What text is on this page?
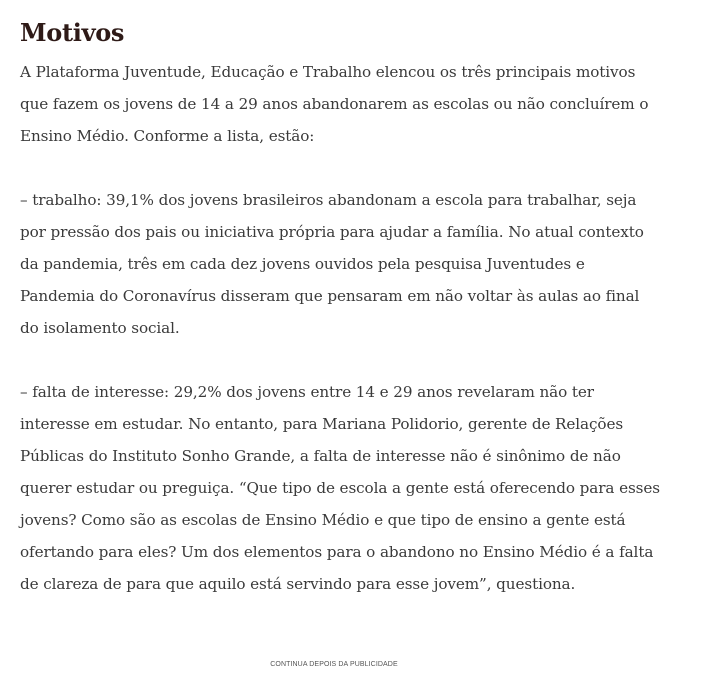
Motivos

A Plataforma Juventude, Educação e Trabalho elencou os três principais motivos que fazem os jovens de 14 a 29 anos abandonarem as escolas ou não concluírem o Ensino Médio. Conforme a lista, estão:

– trabalho: 39,1% dos jovens brasileiros abandonam a escola para trabalhar, seja por pressão dos pais ou iniciativa própria para ajudar a família. No atual contexto da pandemia, três em cada dez jovens ouvidos pela pesquisa Juventudes e Pandemia do Coronavírus disseram que pensaram em não voltar às aulas ao final do isolamento social.

– falta de interesse: 29,2% dos jovens entre 14 e 29 anos revelaram não ter interesse em estudar. No entanto, para Mariana Polidorio, gerente de Relações Públicas do Instituto Sonho Grande, a falta de interesse não é sinônimo de não querer estudar ou preguiça. “Que tipo de escola a gente está oferecendo para esses jovens? Como são as escolas de Ensino Médio e que tipo de ensino a gente está ofertando para eles? Um dos elementos para o abandono no Ensino Médio é a falta de clareza de para que aquilo está servindo para esse jovem”, questiona.

CONTINUA DEPOIS DA PUBLICIDADE
